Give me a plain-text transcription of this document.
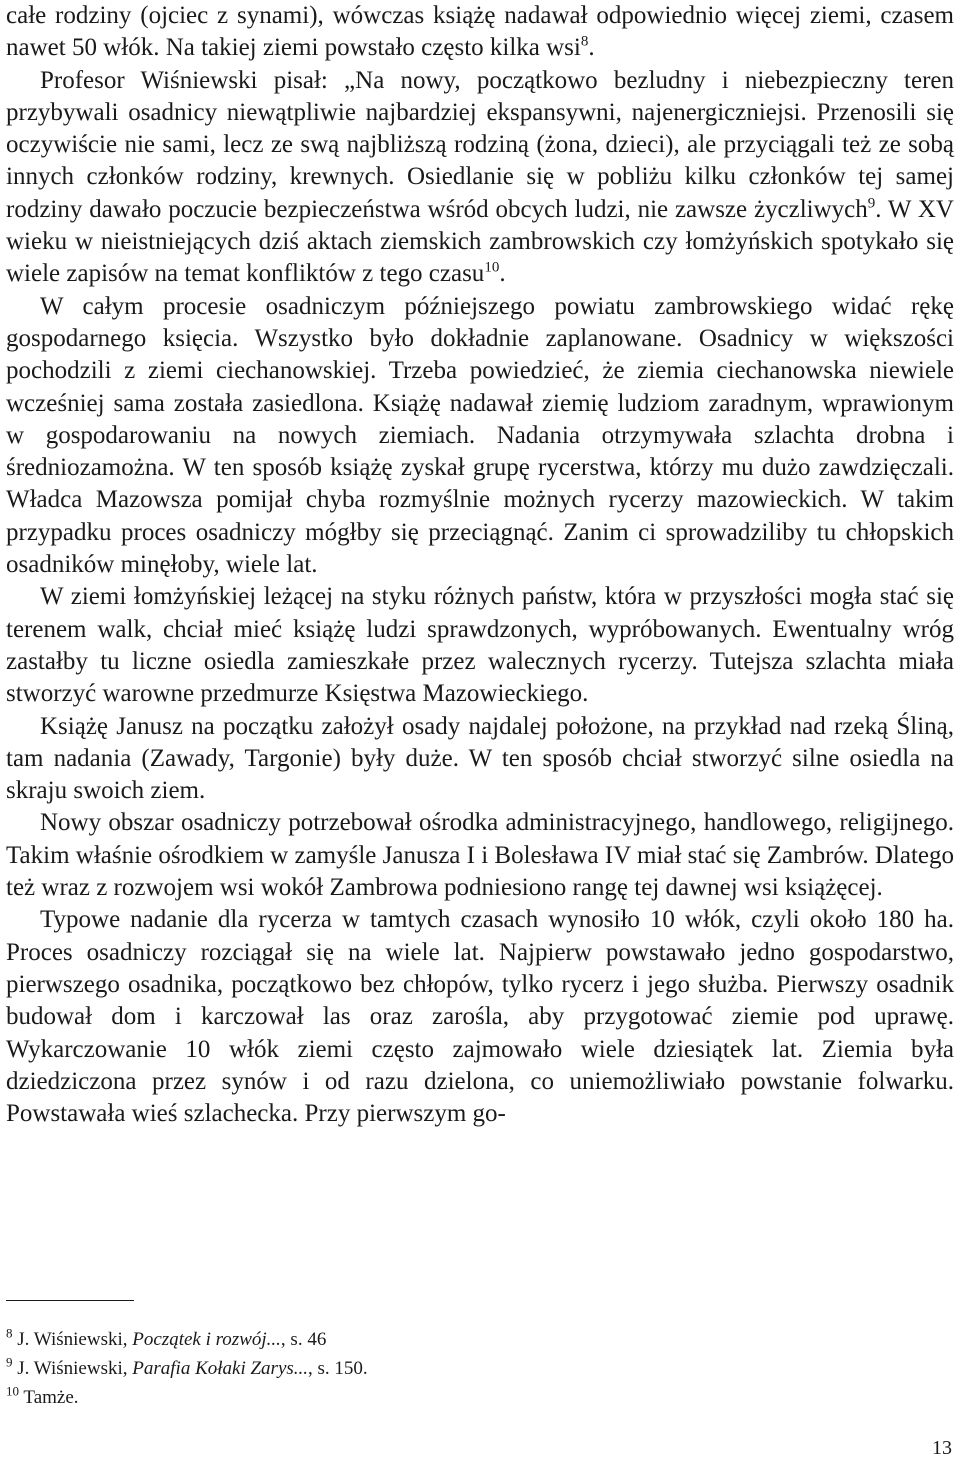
całe rodziny (ojciec z synami), wówczas książę nadawał odpowiednio więcej ziemi, czasem nawet 50 włók. Na takiej ziemi powstało często kilka wsi$^8$.

Profesor Wiśniewski pisał: „Na nowy, początkowo bezludny i niebezpieczny teren przybywali osadnicy niewątpliwie najbardziej ekspansywni, najenergiczniejsi. Przenosili się oczywiście nie sami, lecz ze swą najbliższą rodziną (żona, dzieci), ale przyciągali też ze sobą innych członków rodziny, krewnych. Osiedlanie się w pobliżu kilku członków tej samej rodziny dawało poczucie bezpieczeństwa wśród obcych ludzi, nie zawsze życzliwych$^9$. W XV wieku w nieistniejących dziś aktach ziemskich zambrowskich czy łomżyńskich spotykało się wiele zapisów na temat konfliktów z tego czasu$^{10}$.

W całym procesie osadniczym późniejszego powiatu zambrowskiego widać rękę gospodarnego księcia. Wszystko było dokładnie zaplanowane. Osadnicy w większości pochodzili z ziemi ciechanowskiej. Trzeba powiedzieć, że ziemia ciechanowska niewiele wcześniej sama została zasiedlona. Książę nadawał ziemię ludziom zaradnym, wprawionym w gospodarowaniu na nowych ziemiach. Nadania otrzymywała szlachta drobna i średniozamożna. W ten sposób książę zyskał grupę rycerstwa, którzy mu dużo zawdzięczali. Władca Mazowsza pomijał chyba rozmyślnie możnych rycerzy mazowieckich. W takim przypadku proces osadniczy mógłby się przeciągnąć. Zanim ci sprowadziliby tu chłopskich osadników minęłoby, wiele lat.

W ziemi łomżyńskiej leżącej na styku różnych państw, która w przyszłości mogła stać się terenem walk, chciał mieć książę ludzi sprawdzonych, wypróbowanych. Ewentualny wróg zastałby tu liczne osiedla zamieszkałe przez walecznych rycerzy. Tutejsza szlachta miała stworzyć warowne przedmurze Księstwa Mazowieckiego.

Książę Janusz na początku założył osady najdalej położone, na przykład nad rzeką Śliną, tam nadania (Zawady, Targonie) były duże. W ten sposób chciał stworzyć silne osiedla na skraju swoich ziem.

Nowy obszar osadniczy potrzebował ośrodka administracyjnego, handlowego, religijnego. Takim właśnie ośrodkiem w zamyśle Janusza I i Bolesława IV miał stać się Zambrów. Dlatego też wraz z rozwojem wsi wokół Zambrowa podniesiono rangę tej dawnej wsi książęcej.

Typowe nadanie dla rycerza w tamtych czasach wynosiło 10 włók, czyli około 180 ha. Proces osadniczy rozciągał się na wiele lat. Najpierw powstawało jedno gospodarstwo, pierwszego osadnika, początkowo bez chłopów, tylko rycerz i jego służba. Pierwszy osadnik budował dom i karczował las oraz zarośla, aby przygotować ziemie pod uprawę. Wykarczowanie 10 włók ziemi często zajmowało wiele dziesiątek lat. Ziemia była dziedziczona przez synów i od razu dzielona, co uniemożliwiało powstanie folwarku. Powstawała wieś szlachecka. Przy pierwszym go-

$^8$ J. Wiśniewski, Początek i rozwój..., s. 46
$^9$ J. Wiśniewski, Parafia Kołaki Zarys..., s. 150.
$^{10}$ Tamże.
13
